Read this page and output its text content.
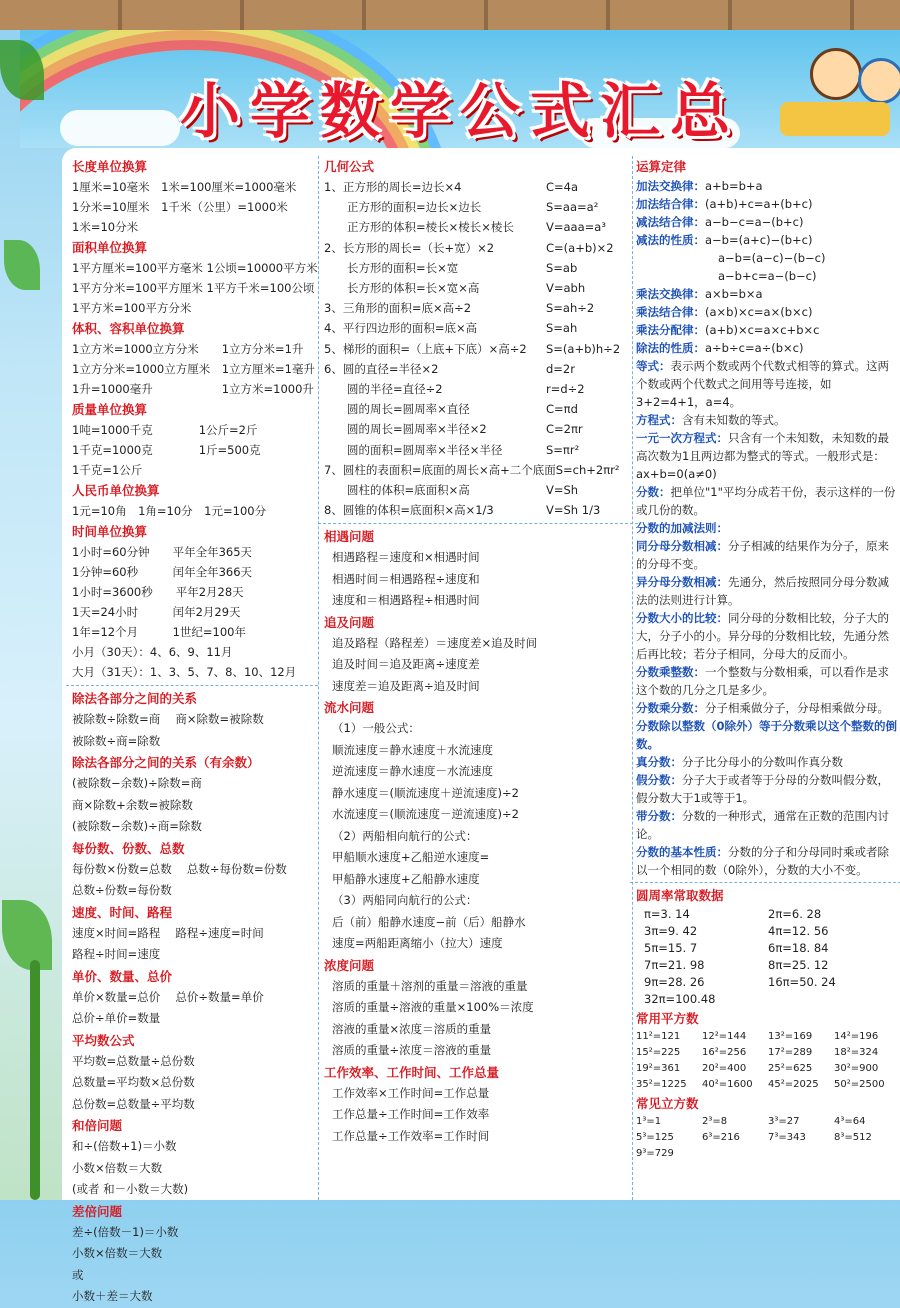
小学数学公式汇总
长度单位换算
1厘米=10毫米　1米=100厘米=1000毫米
1分米=10厘米　1千米（公里）=1000米
1米=10分米
面积单位换算
1平方厘米=100平方毫米 1公顷=10000平方米
1平方分米=100平方厘米 1平方千米=100公顷
1平方米=100平方分米
体积、容积单位换算
1立方米=1000立方分米　　1立方分米=1升
1立方分米=1000立方厘米　1立方厘米=1毫升
1升=1000毫升　　　　　　1立方米=1000升
质量单位换算
1吨=1000千克　　　　1公斤=2斤
1千克=1000克　　　　1斤=500克
1千克=1公斤
人民币单位换算
1元=10角　1角=10分　1元=100分
时间单位换算
1小时=60分钟　　平年全年365天
1分钟=60秒　　　闰年全年366天
1小时=3600秒　　平年2月28天
1天=24小时　　　闰年2月29天
1年=12个月　　　1世纪=100年
小月（30天）：4、6、9、11月
大月（31天）：1、3、5、7、8、10、12月
除法各部分之间的关系
被除数÷除数=商　 商×除数=被除数
被除数÷商=除数
除法各部分之间的关系（有余数）
(被除数−余数)÷除数=商
商×除数+余数=被除数
(被除数−余数)÷商=除数
每份数、份数、总数
每份数×份数=总数　 总数÷每份数=份数
总数÷份数=每份数
速度、时间、路程
速度×时间=路程　 路程÷速度=时间
路程÷时间=速度
单价、数量、总价
单价×数量=总价　 总价÷数量=单价
总价÷单价=数量
平均数公式
平均数=总数量÷总份数
总数量=平均数×总份数
总份数=总数量÷平均数
和倍问题
和÷(倍数+1)＝小数
小数×倍数＝大数
(或者 和－小数＝大数)
差倍问题
差÷(倍数－1)＝小数
小数×倍数＝大数
或
小数＋差＝大数
几何公式
1、正方形的周长=边长×4	C=4a
　　正方形的面积=边长×边长	S=aa=a²
　　正方形的体积=棱长×棱长×棱长	V=aaa=a³
2、长方形的周长=（长+宽）×2	C=(a+b)×2
　　长方形的面积=长×宽	S=ab
　　长方形的体积=长×宽×高	V=abh
3、三角形的面积=底×高÷2	S=ah÷2
4、平行四边形的面积=底×高	S=ah
5、梯形的面积=（上底+下底）×高÷2 S=(a+b)h÷2
6、圆的直径=半径×2	d=2r
　　圆的半径=直径÷2	r=d÷2
　　圆的周长=圆周率×直径	C=πd
　　圆的周长=圆周率×半径×2	C=2πr
　　圆的面积=圆周率×半径×半径	S=πr²
7、圆柱的表面积=底面的周长×高+二个底面 S=ch+2πr²
　　圆柱的体积=底面积×高	V=Sh
8、圆锥的体积=底面积×高×1/3	V=Sh 1/3
相遇问题
相遇路程＝速度和×相遇时间
相遇时间＝相遇路程÷速度和
速度和＝相遇路程÷相遇时间
追及问题
追及路程（路程差）＝速度差×追及时间
追及时间＝追及距离÷速度差
速度差＝追及距离÷追及时间
流水问题
（1）一般公式：
顺流速度＝静水速度＋水流速度
逆流速度＝静水速度－水流速度
静水速度＝(顺流速度＋逆流速度)÷2
水流速度＝(顺流速度－逆流速度)÷2
（2）两船相向航行的公式：
甲船顺水速度+乙船逆水速度=
甲船静水速度+乙船静水速度
（3）两船同向航行的公式：
后（前）船静水速度−前（后）船静水
速度=两船距离缩小（拉大）速度
浓度问题
溶质的重量＋溶剂的重量＝溶液的重量
溶质的重量÷溶液的重量×100%＝浓度
溶液的重量×浓度＝溶质的重量
溶质的重量÷浓度＝溶液的重量
工作效率、工作时间、工作总量
工作效率×工作时间=工作总量
工作总量÷工作时间=工作效率
工作总量÷工作效率=工作时间
运算定律
加法交换律：a+b=b+a
加法结合律：(a+b)+c=a+(b+c)
减法结合律：a−b−c=a−(b+c)
减法的性质：a−b=(a+c)−(b+c)
a−b=(a−c)−(b−c)
a−b+c=a−(b−c)
乘法交换律：a×b=b×a
乘法结合律：(a×b)×c=a×(b×c)
乘法分配律：(a+b)×c=a×c+b×c
除法的性质：a÷b÷c=a÷(b×c)
等式：表示两个数或两个代数式相等的算式。这两个数或两个代数式之间用等号连接，如3+2=4+1，a=4。
方程式：含有未知数的等式。
一元一次方程式：只含有一个未知数，未知数的最高次数为1且两边都为整式的等式。一般形式是：ax+b=0(a≠0)
分数：把单位"1"平均分成若干份，表示这样的一份或几份的数。
分数的加减法则：
同分母分数相减：分子相减的结果作为分子，原来的分母不变。
异分母分数相减：先通分，然后按照同分母分数减法的法则进行计算。
分数大小的比较：同分母的分数相比较，分子大的大，分子小的小。异分母的分数相比较，先通分然后再比较；若分子相同，分母大的反而小。
分数乘整数：一个整数与分数相乘，可以看作是求这个数的几分之几是多少。
分数乘分数：分子相乘做分子，分母相乘做分母。
分数除以整数（0除外）等于分数乘以这个整数的倒数。
真分数：分子比分母小的分数叫作真分数
假分数：分子大于或者等于分母的分数叫假分数，假分数大于1或等于1。
带分数：分数的一种形式，通常在正数的范围内讨论。
分数的基本性质：分数的分子和分母同时乘或者除以一个相同的数（0除外），分数的大小不变。
圆周率常取数据
π=3. 14	2π=6. 28
3π=9. 42	4π=12. 56
5π=15. 7	6π=18. 84
7π=21. 98	8π=25. 12
9π=28. 26	16π=50. 24
32π=100.48
常用平方数
11²=121	12²=144	13²=169	14²=196
15²=225	16²=256	17²=289	18²=324
19²=361	20²=400	25²=625	30²=900
35²=1225	40²=1600	45²=2025	50²=2500
常见立方数
1³=1	2³=8	3³=27	4³=64
5³=125	6³=216	7³=343	8³=512
9³=729
